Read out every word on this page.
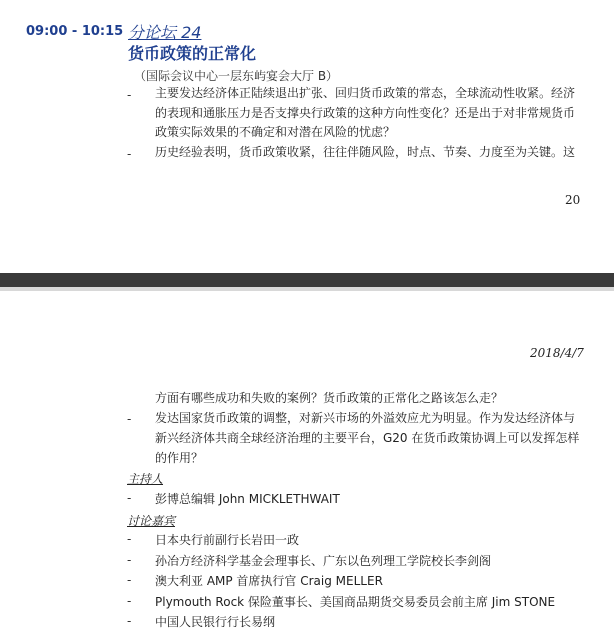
09:00 - 10:15 分论坛 24
货币政策的正常化
（国际会议中心一层东屿宴会大厅 B）
- 主要发达经济体正陆续退出扩张、回归货币政策的常态，全球流动性收紧。经济的表现和通胀压力是否支撑央行政策的这种方向性变化？还是出于对非常规货币政策实际效果的不确定和对潜在风险的忧虑？
- 历史经验表明，货币政策收紧，往往伴随风险，时点、节奏、力度至为关键。这
20
2018/4/7
方面有哪些成功和失败的案例？货币政策的正常化之路该怎么走？
- 发达国家货币政策的调整，对新兴市场的外溢效应尤为明显。作为发达经济体与新兴经济体共商全球经济治理的主要平台，G20 在货币政策协调上可以发挥怎样的作用？
主持人
- 彭博总编辑 John MICKLETHWAIT
讨论嘉宾
- 日本央行前副行长岩田一政
- 孙冶方经济科学基金会理事长、广东以色列理工学院校长李剑阁
- 澳大利亚 AMP 首席执行官 Craig MELLER
- Plymouth Rock 保险董事长、美国商品期货交易委员会前主席 Jim STONE
- 中国人民银行行长易纲
